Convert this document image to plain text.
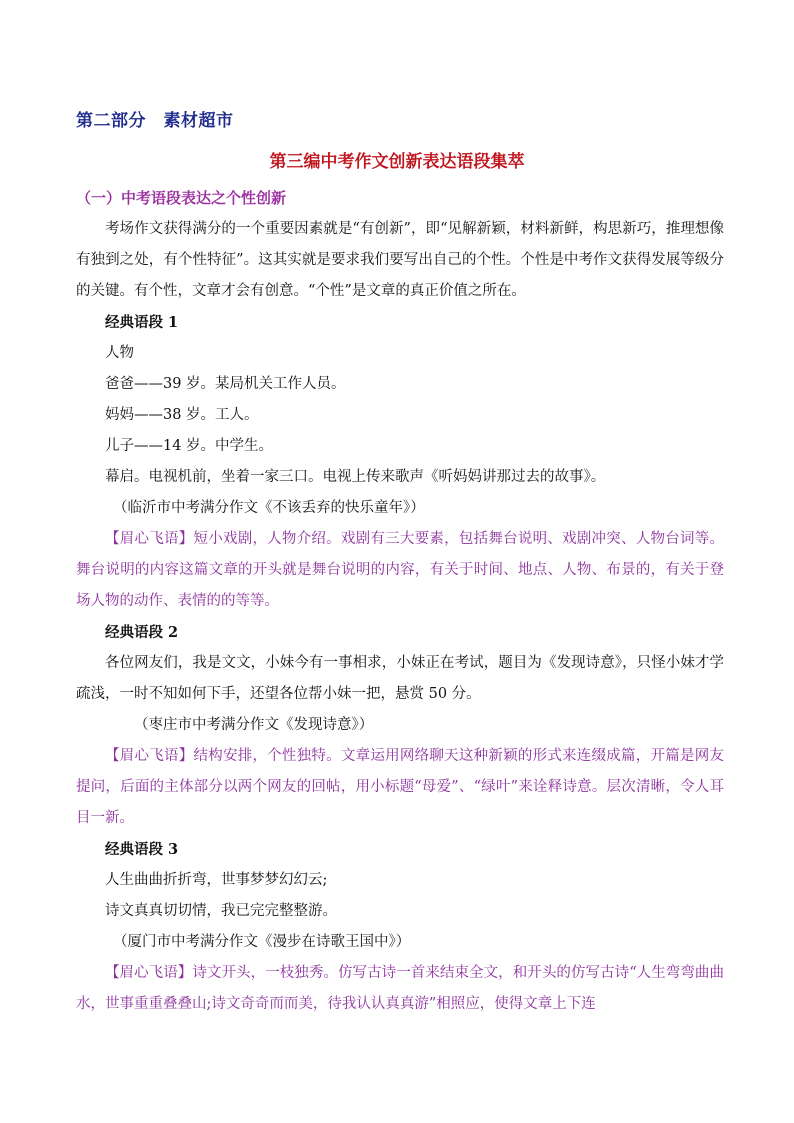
第二部分　素材超市
第三编中考作文创新表达语段集萃

（一）中考语段表达之个性创新

考场作文获得满分的一个重要因素就是“有创新”，即“见解新颖，材料新鲜，构思新巧，推理想像有独到之处，有个性特征”。这其实就是要求我们要写出自己的个性。个性是中考作文获得发展等级分的关键。有个性，文章才会有创意。“个性”是文章的真正价值之所在。

经典语段 1

人物

爸爸——39 岁。某局机关工作人员。

妈妈——38 岁。工人。

儿子——14 岁。中学生。

幕启。电视机前，坐着一家三口。电视上传来歌声《听妈妈讲那过去的故事》。

（临沂市中考满分作文《不该丢弃的快乐童年》）

【眉心飞语】短小戏剧，人物介绍。戏剧有三大要素，包括舞台说明、戏剧冲突、人物台词等。舞台说明的内容这篇文章的开头就是舞台说明的内容，有关于时间、地点、人物、布景的，有关于登场人物的动作、表情的的等等。

经典语段 2

各位网友们，我是文文，小妹今有一事相求，小妹正在考试，题目为《发现诗意》，只怪小妹才学疏浅，一时不知如何下手，还望各位帮小妹一把，悬赏 50 分。

（枣庄市中考满分作文《发现诗意》）

【眉心飞语】结构安排，个性独特。文章运用网络聊天这种新颖的形式来连缀成篇，开篇是网友提问，后面的主体部分以两个网友的回帖，用小标题“母爱”、“绿叶”来诠释诗意。层次清晰，令人耳目一新。

经典语段 3

人生曲曲折折弯，世事梦梦幻幻云;

诗文真真切切情，我已完完整整游。

（厦门市中考满分作文《漫步在诗歌王国中》）

【眉心飞语】诗文开头，一枝独秀。仿写古诗一首来结束全文，和开头的仿写古诗“人生弯弯曲曲水，世事重重叠叠山;诗文奇奇而而美，待我认认真真游”相照应，使得文章上下连
